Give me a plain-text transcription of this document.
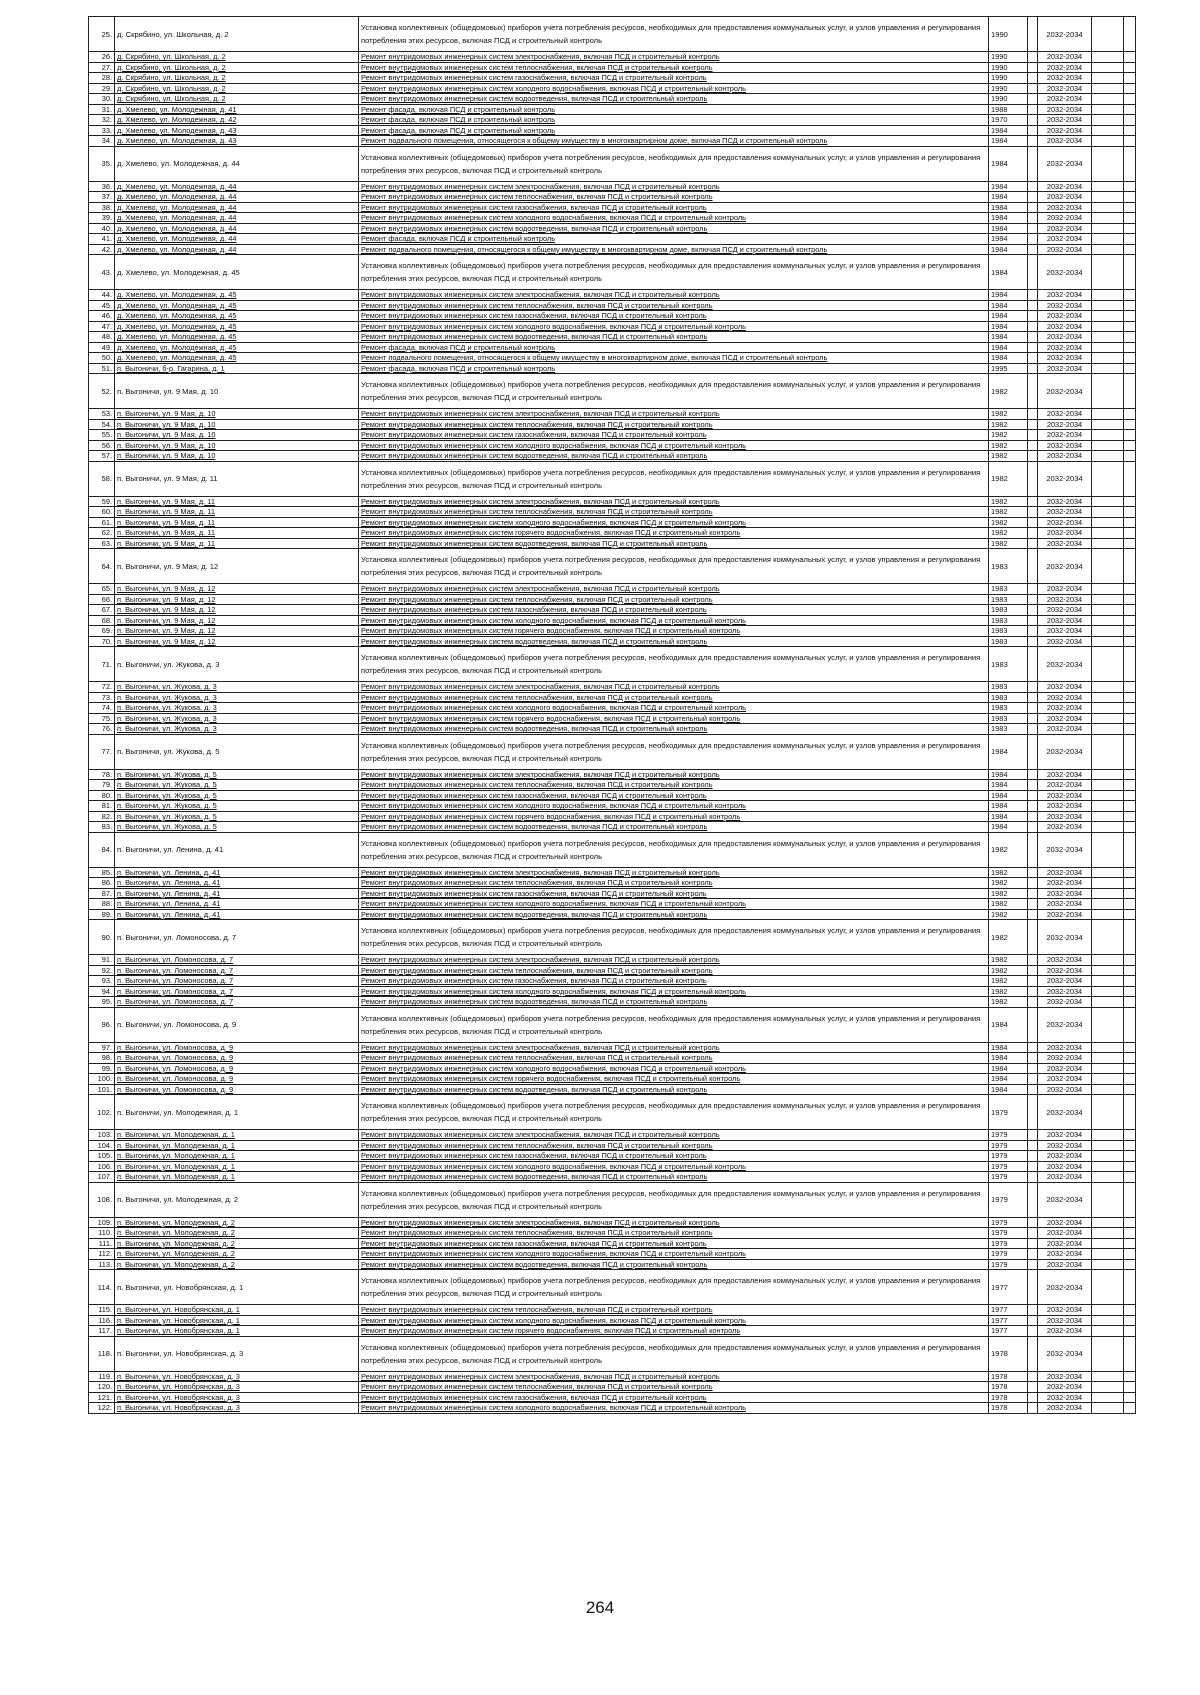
25.	д. Скрябино, ул. Школьная, д. 2	Установка коллективных (общедомовых) приборов учета потребления ресурсов, необходимых для предоставления коммунальных услуг, и узлов управления и регулирования потребления этих ресурсов, включая ПСД и строительный контроль	1990		2032-2034		
26.	д. Скрябино, ул. Школьная, д. 2	Ремонт внутридомовых инженерных систем электроснабжения, включая ПСД и строительный контроль	1990		2032-2034		
27.	д. Скрябино, ул. Школьная, д. 2	Ремонт внутридомовых инженерных систем теплоснабжения, включая ПСД и строительный контроль	1990		2032-2034		
28.	д. Скрябино, ул. Школьная, д. 2	Ремонт внутридомовых инженерных систем газоснабжения, включая ПСД и строительный контроль	1990		2032-2034		
29.	д. Скрябино, ул. Школьная, д. 2	Ремонт внутридомовых инженерных систем холодного водоснабжения, включая ПСД и строительный контроль	1990		2032-2034		
30.	д. Скрябино, ул. Школьная, д. 2	Ремонт внутридомовых инженерных систем водоотведения, включая ПСД и строительный контроль	1990		2032-2034		
31.	д. Хмелево, ул. Молодежная, д. 41	Ремонт фасада, включая ПСД и строительный контроль	1988		2032-2034		
32.	д. Хмелево, ул. Молодежная, д. 42	Ремонт фасада, включая ПСД и строительный контроль	1970		2032-2034		
33.	д. Хмелево, ул. Молодежная, д. 43	Ремонт фасада, включая ПСД и строительный контроль	1984		2032-2034		
34.	д. Хмелево, ул. Молодежная, д. 43	Ремонт подвального помещения, относящегося к общему имуществу в многоквартирном доме, включая ПСД и строительный контроль	1984		2032-2034		
35.	д. Хмелево, ул. Молодежная, д. 44	Установка коллективных (общедомовых) приборов учета потребления ресурсов, необходимых для предоставления коммунальных услуг, и узлов управления и регулирования потребления этих ресурсов, включая ПСД и строительный контроль	1984		2032-2034		
36.	д. Хмелево, ул. Молодежная, д. 44	Ремонт внутридомовых инженерных систем электроснабжения, включая ПСД и строительный контроль	1984		2032-2034		
37.	д. Хмелево, ул. Молодежная, д. 44	Ремонт внутридомовых инженерных систем теплоснабжения, включая ПСД и строительный контроль	1984		2032-2034		
38.	д. Хмелево, ул. Молодежная, д. 44	Ремонт внутридомовых инженерных систем газоснабжения, включая ПСД и строительный контроль	1984		2032-2034		
39.	д. Хмелево, ул. Молодежная, д. 44	Ремонт внутридомовых инженерных систем холодного водоснабжения, включая ПСД и строительный контроль	1984		2032-2034		
40.	д. Хмелево, ул. Молодежная, д. 44	Ремонт внутридомовых инженерных систем водоотведения, включая ПСД и строительный контроль	1984		2032-2034		
41.	д. Хмелево, ул. Молодежная, д. 44	Ремонт фасада, включая ПСД и строительный контроль	1984		2032-2034		
42.	д. Хмелево, ул. Молодежная, д. 44	Ремонт подвального помещения, относящегося к общему имуществу в многоквартирном доме, включая ПСД и строительный контроль	1984		2032-2034		
43.	д. Хмелево, ул. Молодежная, д. 45	Установка коллективных (общедомовых) приборов учета потребления ресурсов, необходимых для предоставления коммунальных услуг, и узлов управления и регулирования потребления этих ресурсов, включая ПСД и строительный контроль	1984		2032-2034		
44.	д. Хмелево, ул. Молодежная, д. 45	Ремонт внутридомовых инженерных систем электроснабжения, включая ПСД и строительный контроль	1984		2032-2034		
45.	д. Хмелево, ул. Молодежная, д. 45	Ремонт внутридомовых инженерных систем теплоснабжения, включая ПСД и строительный контроль	1984		2032-2034		
46.	д. Хмелево, ул. Молодежная, д. 45	Ремонт внутридомовых инженерных систем газоснабжения, включая ПСД и строительный контроль	1984		2032-2034		
47.	д. Хмелево, ул. Молодежная, д. 45	Ремонт внутридомовых инженерных систем холодного водоснабжения, включая ПСД и строительный контроль	1984		2032-2034		
48.	д. Хмелево, ул. Молодежная, д. 45	Ремонт внутридомовых инженерных систем водоотведения, включая ПСД и строительный контроль	1984		2032-2034		
49.	д. Хмелево, ул. Молодежная, д. 45	Ремонт фасада, включая ПСД и строительный контроль	1984		2032-2034		
50.	д. Хмелево, ул. Молодежная, д. 45	Ремонт подвального помещения, относящегося к общему имуществу в многоквартирном доме, включая ПСД и строительный контроль	1984		2032-2034		
51.	п. Выгоничи, б-р. Гагарина, д. 1	Ремонт фасада, включая ПСД и строительный контроль	1995		2032-2034		
52.	п. Выгоничи, ул. 9 Мая, д. 10	Установка коллективных (общедомовых) приборов учета потребления ресурсов, необходимых для предоставления коммунальных услуг, и узлов управления и регулирования потребления этих ресурсов, включая ПСД и строительный контроль	1982		2032-2034		
53.	п. Выгоничи, ул. 9 Мая, д. 10	Ремонт внутридомовых инженерных систем электроснабжения, включая ПСД и строительный контроль	1982		2032-2034		
54.	п. Выгоничи, ул. 9 Мая, д. 10	Ремонт внутридомовых инженерных систем теплоснабжения, включая ПСД и строительный контроль	1982		2032-2034		
55.	п. Выгоничи, ул. 9 Мая, д. 10	Ремонт внутридомовых инженерных систем газоснабжения, включая ПСД и строительный контроль	1982		2032-2034		
56.	п. Выгоничи, ул. 9 Мая, д. 10	Ремонт внутридомовых инженерных систем холодного водоснабжения, включая ПСД и строительный контроль	1982		2032-2034		
57.	п. Выгоничи, ул. 9 Мая, д. 10	Ремонт внутридомовых инженерных систем водоотведения, включая ПСД и строительный контроль	1982		2032-2034		
58.	п. Выгоничи, ул. 9 Мая, д. 11	Установка коллективных (общедомовых) приборов учета потребления ресурсов, необходимых для предоставления коммунальных услуг, и узлов управления и регулирования потребления этих ресурсов, включая ПСД и строительный контроль	1982		2032-2034		
59.	п. Выгоничи, ул. 9 Мая, д. 11	Ремонт внутридомовых инженерных систем электроснабжения, включая ПСД и строительный контроль	1982		2032-2034		
60.	п. Выгоничи, ул. 9 Мая, д. 11	Ремонт внутридомовых инженерных систем теплоснабжения, включая ПСД и строительный контроль	1982		2032-2034		
61.	п. Выгоничи, ул. 9 Мая, д. 11	Ремонт внутридомовых инженерных систем холодного водоснабжения, включая ПСД и строительный контроль	1982		2032-2034		
62.	п. Выгоничи, ул. 9 Мая, д. 11	Ремонт внутридомовых инженерных систем горячего водоснабжения, включая ПСД и строительный контроль	1982		2032-2034		
63.	п. Выгоничи, ул. 9 Мая, д. 11	Ремонт внутридомовых инженерных систем водоотведения, включая ПСД и строительный контроль	1982		2032-2034		
64.	п. Выгоничи, ул. 9 Мая, д. 12	Установка коллективных (общедомовых) приборов учета потребления ресурсов, необходимых для предоставления коммунальных услуг, и узлов управления и регулирования потребления этих ресурсов, включая ПСД и строительный контроль	1983		2032-2034		
65.	п. Выгоничи, ул. 9 Мая, д. 12	Ремонт внутридомовых инженерных систем электроснабжения, включая ПСД и строительный контроль	1983		2032-2034		
66.	п. Выгоничи, ул. 9 Мая, д. 12	Ремонт внутридомовых инженерных систем теплоснабжения, включая ПСД и строительный контроль	1983		2032-2034		
67.	п. Выгоничи, ул. 9 Мая, д. 12	Ремонт внутридомовых инженерных систем газоснабжения, включая ПСД и строительный контроль	1983		2032-2034		
68.	п. Выгоничи, ул. 9 Мая, д. 12	Ремонт внутридомовых инженерных систем холодного водоснабжения, включая ПСД и строительный контроль	1983		2032-2034		
69.	п. Выгоничи, ул. 9 Мая, д. 12	Ремонт внутридомовых инженерных систем горячего водоснабжения, включая ПСД и строительный контроль	1983		2032-2034		
70.	п. Выгоничи, ул. 9 Мая, д. 12	Ремонт внутридомовых инженерных систем водоотведения, включая ПСД и строительный контроль	1983		2032-2034		
71.	п. Выгоничи, ул. Жукова, д. 3	Установка коллективных (общедомовых) приборов учета потребления ресурсов, необходимых для предоставления коммунальных услуг, и узлов управления и регулирования потребления этих ресурсов, включая ПСД и строительный контроль	1983		2032-2034		
72.	п. Выгоничи, ул. Жукова, д. 3	Ремонт внутридомовых инженерных систем электроснабжения, включая ПСД и строительный контроль	1983		2032-2034		
73.	п. Выгоничи, ул. Жукова, д. 3	Ремонт внутридомовых инженерных систем теплоснабжения, включая ПСД и строительный контроль	1983		2032-2034		
74.	п. Выгоничи, ул. Жукова, д. 3	Ремонт внутридомовых инженерных систем холодного водоснабжения, включая ПСД и строительный контроль	1983		2032-2034		
75.	п. Выгоничи, ул. Жукова, д. 3	Ремонт внутридомовых инженерных систем горячего водоснабжения, включая ПСД и строительный контроль	1983		2032-2034		
76.	п. Выгоничи, ул. Жукова, д. 3	Ремонт внутридомовых инженерных систем водоотведения, включая ПСД и строительный контроль	1983		2032-2034		
77.	п. Выгоничи, ул. Жукова, д. 5	Установка коллективных (общедомовых) приборов учета потребления ресурсов, необходимых для предоставления коммунальных услуг, и узлов управления и регулирования потребления этих ресурсов, включая ПСД и строительный контроль	1984		2032-2034		
78.	п. Выгоничи, ул. Жукова, д. 5	Ремонт внутридомовых инженерных систем электроснабжения, включая ПСД и строительный контроль	1984		2032-2034		
79.	п. Выгоничи, ул. Жукова, д. 5	Ремонт внутридомовых инженерных систем теплоснабжения, включая ПСД и строительный контроль	1984		2032-2034		
80.	п. Выгоничи, ул. Жукова, д. 5	Ремонт внутридомовых инженерных систем газоснабжения, включая ПСД и строительный контроль	1984		2032-2034		
81.	п. Выгоничи, ул. Жукова, д. 5	Ремонт внутридомовых инженерных систем холодного водоснабжения, включая ПСД и строительный контроль	1984		2032-2034		
82.	п. Выгоничи, ул. Жукова, д. 5	Ремонт внутридомовых инженерных систем горячего водоснабжения, включая ПСД и строительный контроль	1984		2032-2034		
83.	п. Выгоничи, ул. Жукова, д. 5	Ремонт внутридомовых инженерных систем водоотведения, включая ПСД и строительный контроль	1984		2032-2034		
84.	п. Выгоничи, ул. Ленина, д. 41	Установка коллективных (общедомовых) приборов учета потребления ресурсов, необходимых для предоставления коммунальных услуг, и узлов управления и регулирования потребления этих ресурсов, включая ПСД и строительный контроль	1982		2032-2034		
85.	п. Выгоничи, ул. Ленина, д. 41	Ремонт внутридомовых инженерных систем электроснабжения, включая ПСД и строительный контроль	1982		2032-2034		
86.	п. Выгоничи, ул. Ленина, д. 41	Ремонт внутридомовых инженерных систем теплоснабжения, включая ПСД и строительный контроль	1982		2032-2034		
87.	п. Выгоничи, ул. Ленина, д. 41	Ремонт внутридомовых инженерных систем газоснабжения, включая ПСД и строительный контроль	1982		2032-2034		
88.	п. Выгоничи, ул. Ленина, д. 41	Ремонт внутридомовых инженерных систем холодного водоснабжения, включая ПСД и строительный контроль	1982		2032-2034		
89.	п. Выгоничи, ул. Ленина, д. 41	Ремонт внутридомовых инженерных систем водоотведения, включая ПСД и строительный контроль	1982		2032-2034		
90.	п. Выгоничи, ул. Ломоносова, д. 7	Установка коллективных (общедомовых) приборов учета потребления ресурсов, необходимых для предоставления коммунальных услуг, и узлов управления и регулирования потребления этих ресурсов, включая ПСД и строительный контроль	1982		2032-2034		
91.	п. Выгоничи, ул. Ломоносова, д. 7	Ремонт внутридомовых инженерных систем электроснабжения, включая ПСД и строительный контроль	1982		2032-2034		
92.	п. Выгоничи, ул. Ломоносова, д. 7	Ремонт внутридомовых инженерных систем теплоснабжения, включая ПСД и строительный контроль	1982		2032-2034		
93.	п. Выгоничи, ул. Ломоносова, д. 7	Ремонт внутридомовых инженерных систем газоснабжения, включая ПСД и строительный контроль	1982		2032-2034		
94.	п. Выгоничи, ул. Ломоносова, д. 7	Ремонт внутридомовых инженерных систем холодного водоснабжения, включая ПСД и строительный контроль	1982		2032-2034		
95.	п. Выгоничи, ул. Ломоносова, д. 7	Ремонт внутридомовых инженерных систем водоотведения, включая ПСД и строительный контроль	1982		2032-2034		
96.	п. Выгоничи, ул. Ломоносова, д. 9	Установка коллективных (общедомовых) приборов учета потребления ресурсов, необходимых для предоставления коммунальных услуг, и узлов управления и регулирования потребления этих ресурсов, включая ПСД и строительный контроль	1984		2032-2034		
97.	п. Выгоничи, ул. Ломоносова, д. 9	Ремонт внутридомовых инженерных систем электроснабжения, включая ПСД и строительный контроль	1984		2032-2034		
98.	п. Выгоничи, ул. Ломоносова, д. 9	Ремонт внутридомовых инженерных систем теплоснабжения, включая ПСД и строительный контроль	1984		2032-2034		
99.	п. Выгоничи, ул. Ломоносова, д. 9	Ремонт внутридомовых инженерных систем холодного водоснабжения, включая ПСД и строительный контроль	1984		2032-2034		
100.	п. Выгоничи, ул. Ломоносова, д. 9	Ремонт внутридомовых инженерных систем горячего водоснабжения, включая ПСД и строительный контроль	1984		2032-2034		
101.	п. Выгоничи, ул. Ломоносова, д. 9	Ремонт внутридомовых инженерных систем водоотведения, включая ПСД и строительный контроль	1984		2032-2034		
102.	п. Выгоничи, ул. Молодежная, д. 1	Установка коллективных (общедомовых) приборов учета потребления ресурсов, необходимых для предоставления коммунальных услуг, и узлов управления и регулирования потребления этих ресурсов, включая ПСД и строительный контроль	1979		2032-2034		
103.	п. Выгоничи, ул. Молодежная, д. 1	Ремонт внутридомовых инженерных систем электроснабжения, включая ПСД и строительный контроль	1979		2032-2034		
104.	п. Выгоничи, ул. Молодежная, д. 1	Ремонт внутридомовых инженерных систем теплоснабжения, включая ПСД и строительный контроль	1979		2032-2034		
105.	п. Выгоничи, ул. Молодежная, д. 1	Ремонт внутридомовых инженерных систем газоснабжения, включая ПСД и строительный контроль	1979		2032-2034		
106.	п. Выгоничи, ул. Молодежная, д. 1	Ремонт внутридомовых инженерных систем холодного водоснабжения, включая ПСД и строительный контроль	1979		2032-2034		
107.	п. Выгоничи, ул. Молодежная, д. 1	Ремонт внутридомовых инженерных систем водоотведения, включая ПСД и строительный контроль	1979		2032-2034		
108.	п. Выгоничи, ул. Молодежная, д. 2	Установка коллективных (общедомовых) приборов учета потребления ресурсов, необходимых для предоставления коммунальных услуг, и узлов управления и регулирования потребления этих ресурсов, включая ПСД и строительный контроль	1979		2032-2034		
109.	п. Выгоничи, ул. Молодежная, д. 2	Ремонт внутридомовых инженерных систем электроснабжения, включая ПСД и строительный контроль	1979		2032-2034		
110.	п. Выгоничи, ул. Молодежная, д. 2	Ремонт внутридомовых инженерных систем теплоснабжения, включая ПСД и строительный контроль	1979		2032-2034		
111.	п. Выгоничи, ул. Молодежная, д. 2	Ремонт внутридомовых инженерных систем газоснабжения, включая ПСД и строительный контроль	1979		2032-2034		
112.	п. Выгоничи, ул. Молодежная, д. 2	Ремонт внутридомовых инженерных систем холодного водоснабжения, включая ПСД и строительный контроль	1979		2032-2034		
113.	п. Выгоничи, ул. Молодежная, д. 2	Ремонт внутридомовых инженерных систем водоотведения, включая ПСД и строительный контроль	1979		2032-2034		
114.	п. Выгоничи, ул. Новобрянская, д. 1	Установка коллективных (общедомовых) приборов учета потребления ресурсов, необходимых для предоставления коммунальных услуг, и узлов управления и регулирования потребления этих ресурсов, включая ПСД и строительный контроль	1977		2032-2034		
115.	п. Выгоничи, ул. Новобрянская, д. 1	Ремонт внутридомовых инженерных систем теплоснабжения, включая ПСД и строительный контроль	1977		2032-2034		
116.	п. Выгоничи, ул. Новобрянская, д. 1	Ремонт внутридомовых инженерных систем холодного водоснабжения, включая ПСД и строительный контроль	1977		2032-2034		
117.	п. Выгоничи, ул. Новобрянская, д. 1	Ремонт внутридомовых инженерных систем горячего водоснабжения, включая ПСД и строительный контроль	1977		2032-2034		
118.	п. Выгоничи, ул. Новобрянская, д. 3	Установка коллективных (общедомовых) приборов учета потребления ресурсов, необходимых для предоставления коммунальных услуг, и узлов управления и регулирования потребления этих ресурсов, включая ПСД и строительный контроль	1978		2032-2034		
119.	п. Выгоничи, ул. Новобрянская, д. 3	Ремонт внутридомовых инженерных систем электроснабжения, включая ПСД и строительный контроль	1978		2032-2034		
120.	п. Выгоничи, ул. Новобрянская, д. 3	Ремонт внутридомовых инженерных систем теплоснабжения, включая ПСД и строительный контроль	1978		2032-2034		
121.	п. Выгоничи, ул. Новобрянская, д. 3	Ремонт внутридомовых инженерных систем газоснабжения, включая ПСД и строительный контроль	1978		2032-2034		
122.	п. Выгоничи, ул. Новобрянская, д. 3	Ремонт внутридомовых инженерных систем холодного водоснабжения, включая ПСД и строительный контроль	1978		2032-2034		
264
